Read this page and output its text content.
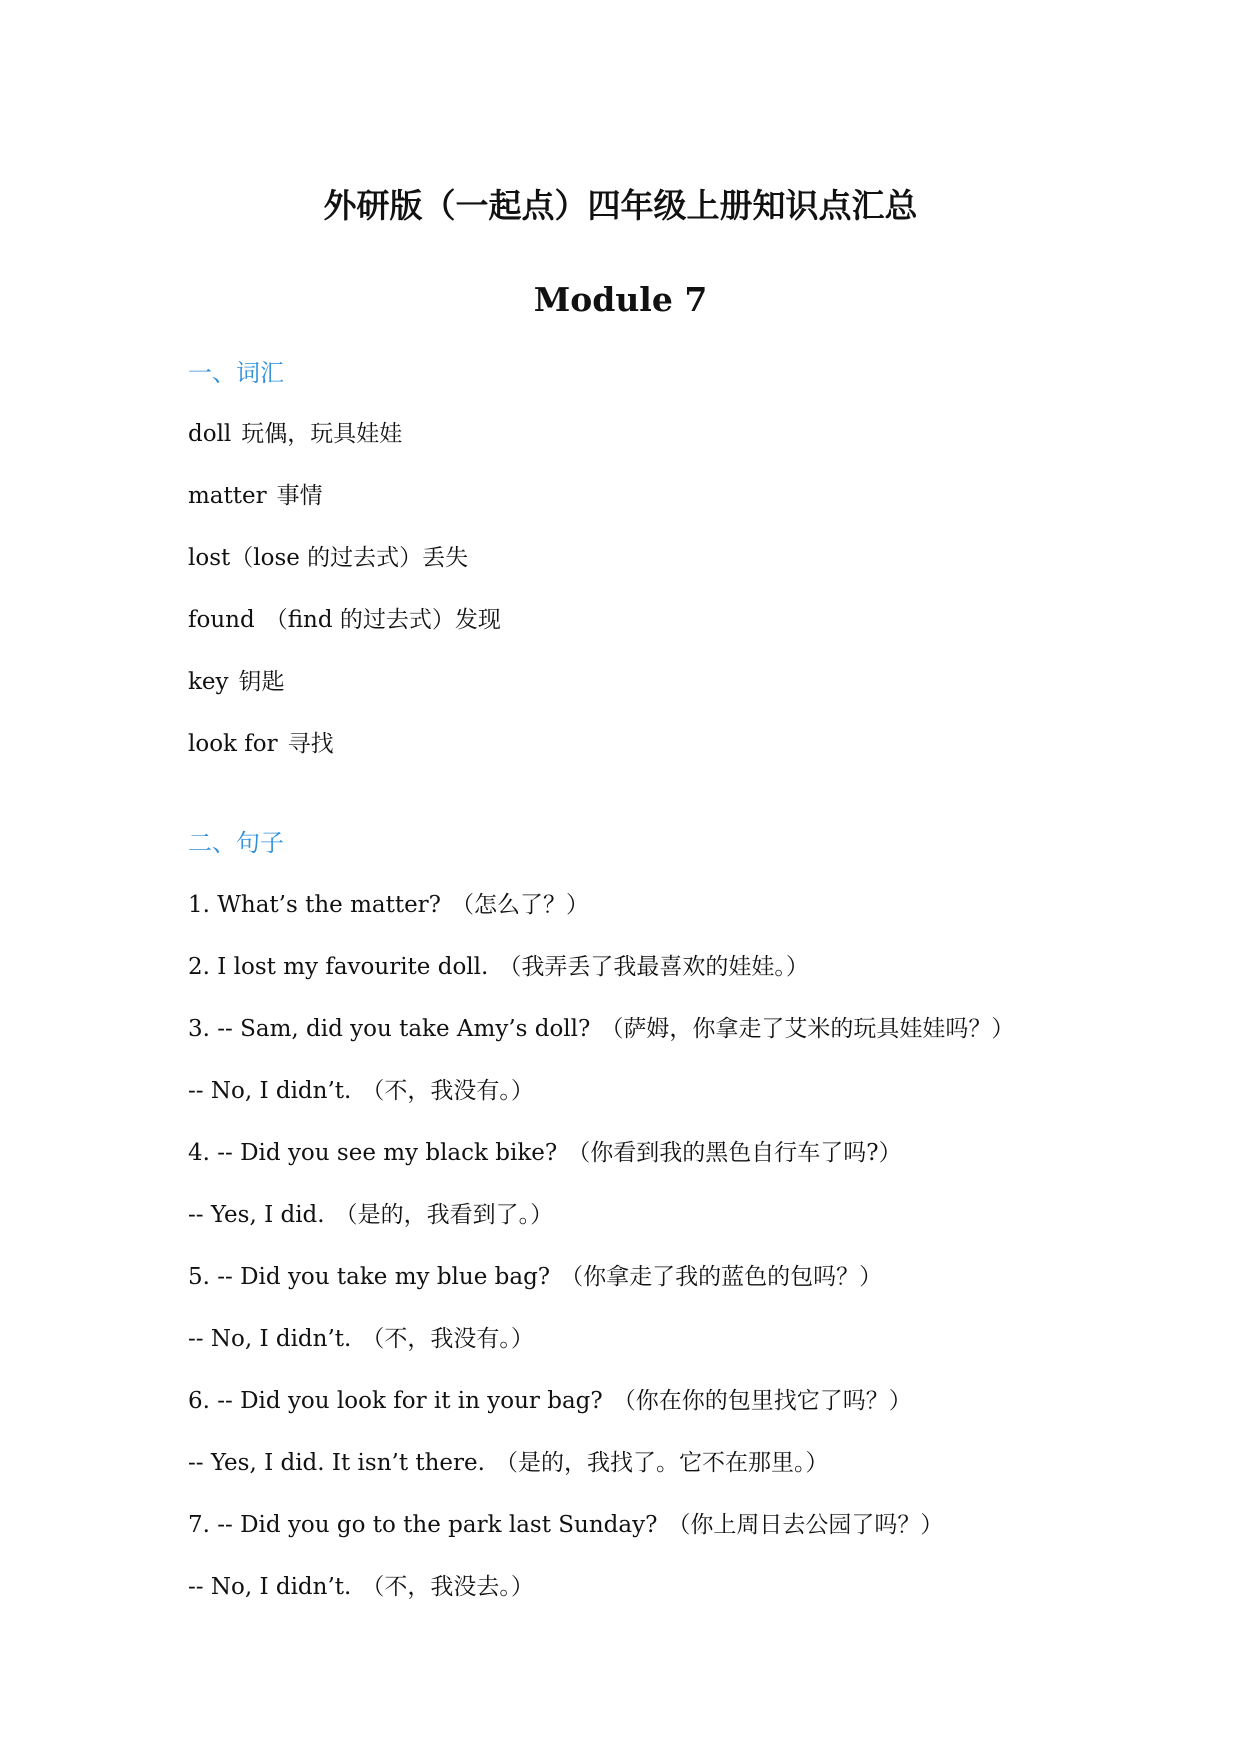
外研版（一起点）四年级上册知识点汇总
Module 7
一、词汇
doll 玩偶，玩具娃娃
matter 事情
lost（lose 的过去式）丢失
found （find 的过去式）发现
key 钥匙
look for 寻找
二、句子
1. What’s the matter? （怎么了？）
2. I lost my favourite doll. （我弄丢了我最喜欢的娃娃。）
3. -- Sam, did you take Amy’s doll? （萨姆，你拿走了艾米的玩具娃娃吗？）
-- No, I didn’t. （不，我没有。）
4. -- Did you see my black bike? （你看到我的黑色自行车了吗?）
-- Yes, I did. （是的，我看到了。）
5. -- Did you take my blue bag? （你拿走了我的蓝色的包吗？）
-- No, I didn’t. （不，我没有。）
6. -- Did you look for it in your bag? （你在你的包里找它了吗？）
-- Yes, I did. It isn’t there. （是的，我找了。它不在那里。）
7. -- Did you go to the park last Sunday? （你上周日去公园了吗？）
-- No, I didn’t. （不，我没去。）
